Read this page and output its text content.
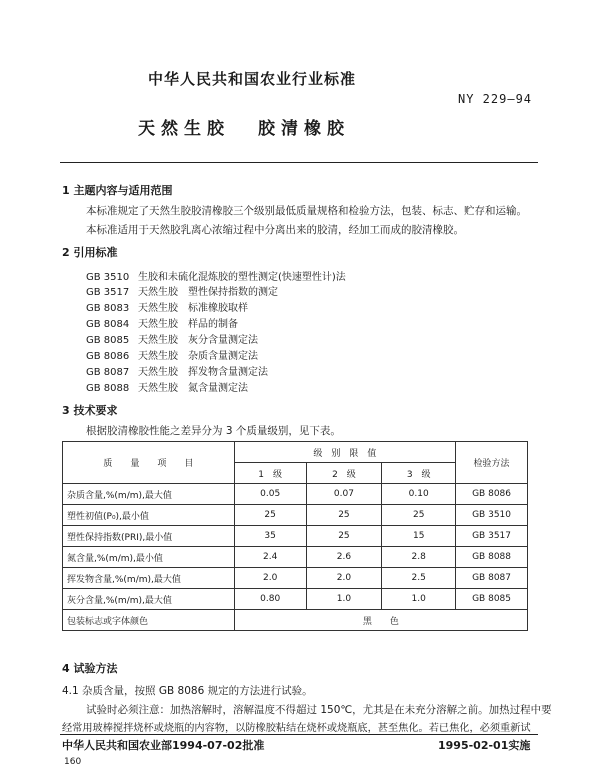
中华人民共和国农业行业标准
NY 229—94
天然生胶 胶清橡胶
1 主题内容与适用范围
本标准规定了天然生胶胶清橡胶三个级别最低质量规格和检验方法，包装、标志、贮存和运输。
本标准适用于天然胶乳离心浓缩过程中分离出来的胶清，经加工而成的胶清橡胶。
2 引用标准
GB 3510 生胶和未硫化混炼胶的塑性测定(快速塑性计)法
GB 3517 天然生胶 塑性保持指数的测定
GB 8083 天然生胶 标准橡胶取样
GB 8084 天然生胶 样品的制备
GB 8085 天然生胶 灰分含量测定法
GB 8086 天然生胶 杂质含量测定法
GB 8087 天然生胶 挥发物含量测定法
GB 8088 天然生胶 氮含量测定法
3 技术要求
根据胶清橡胶性能之差异分为 3 个质量级别，见下表。
质　　量　　项　　目	级　别　限　值			检验方法
	1　级	2　级	3　级	
杂质含量,%(m/m),最大值	0.05	0.07	0.10	GB 8086
塑性初值(P₀),最小值	25	25	25	GB 3510
塑性保持指数(PRI),最小值	35	25	15	GB 3517
氮含量,%(m/m),最小值	2.4	2.6	2.8	GB 8088
挥发物含量,%(m/m),最大值	2.0	2.0	2.5	GB 8087
灰分含量,%(m/m),最大值	0.80	1.0	1.0	GB 8085
包装标志或字体颜色	黑　　色			
4 试验方法
4.1 杂质含量，按照 GB 8086 规定的方法进行试验。
试验时必须注意：加热溶解时，溶解温度不得超过 150℃，尤其是在未充分溶解之前。加热过程中要
经常用玻棒搅拌烧杯或烧瓶的内容物，以防橡胶粘结在烧杯或烧瓶底，甚至焦化。若已焦化，必须重新试
中华人民共和国农业部1994-07-02批准	1995-02-01实施
160
